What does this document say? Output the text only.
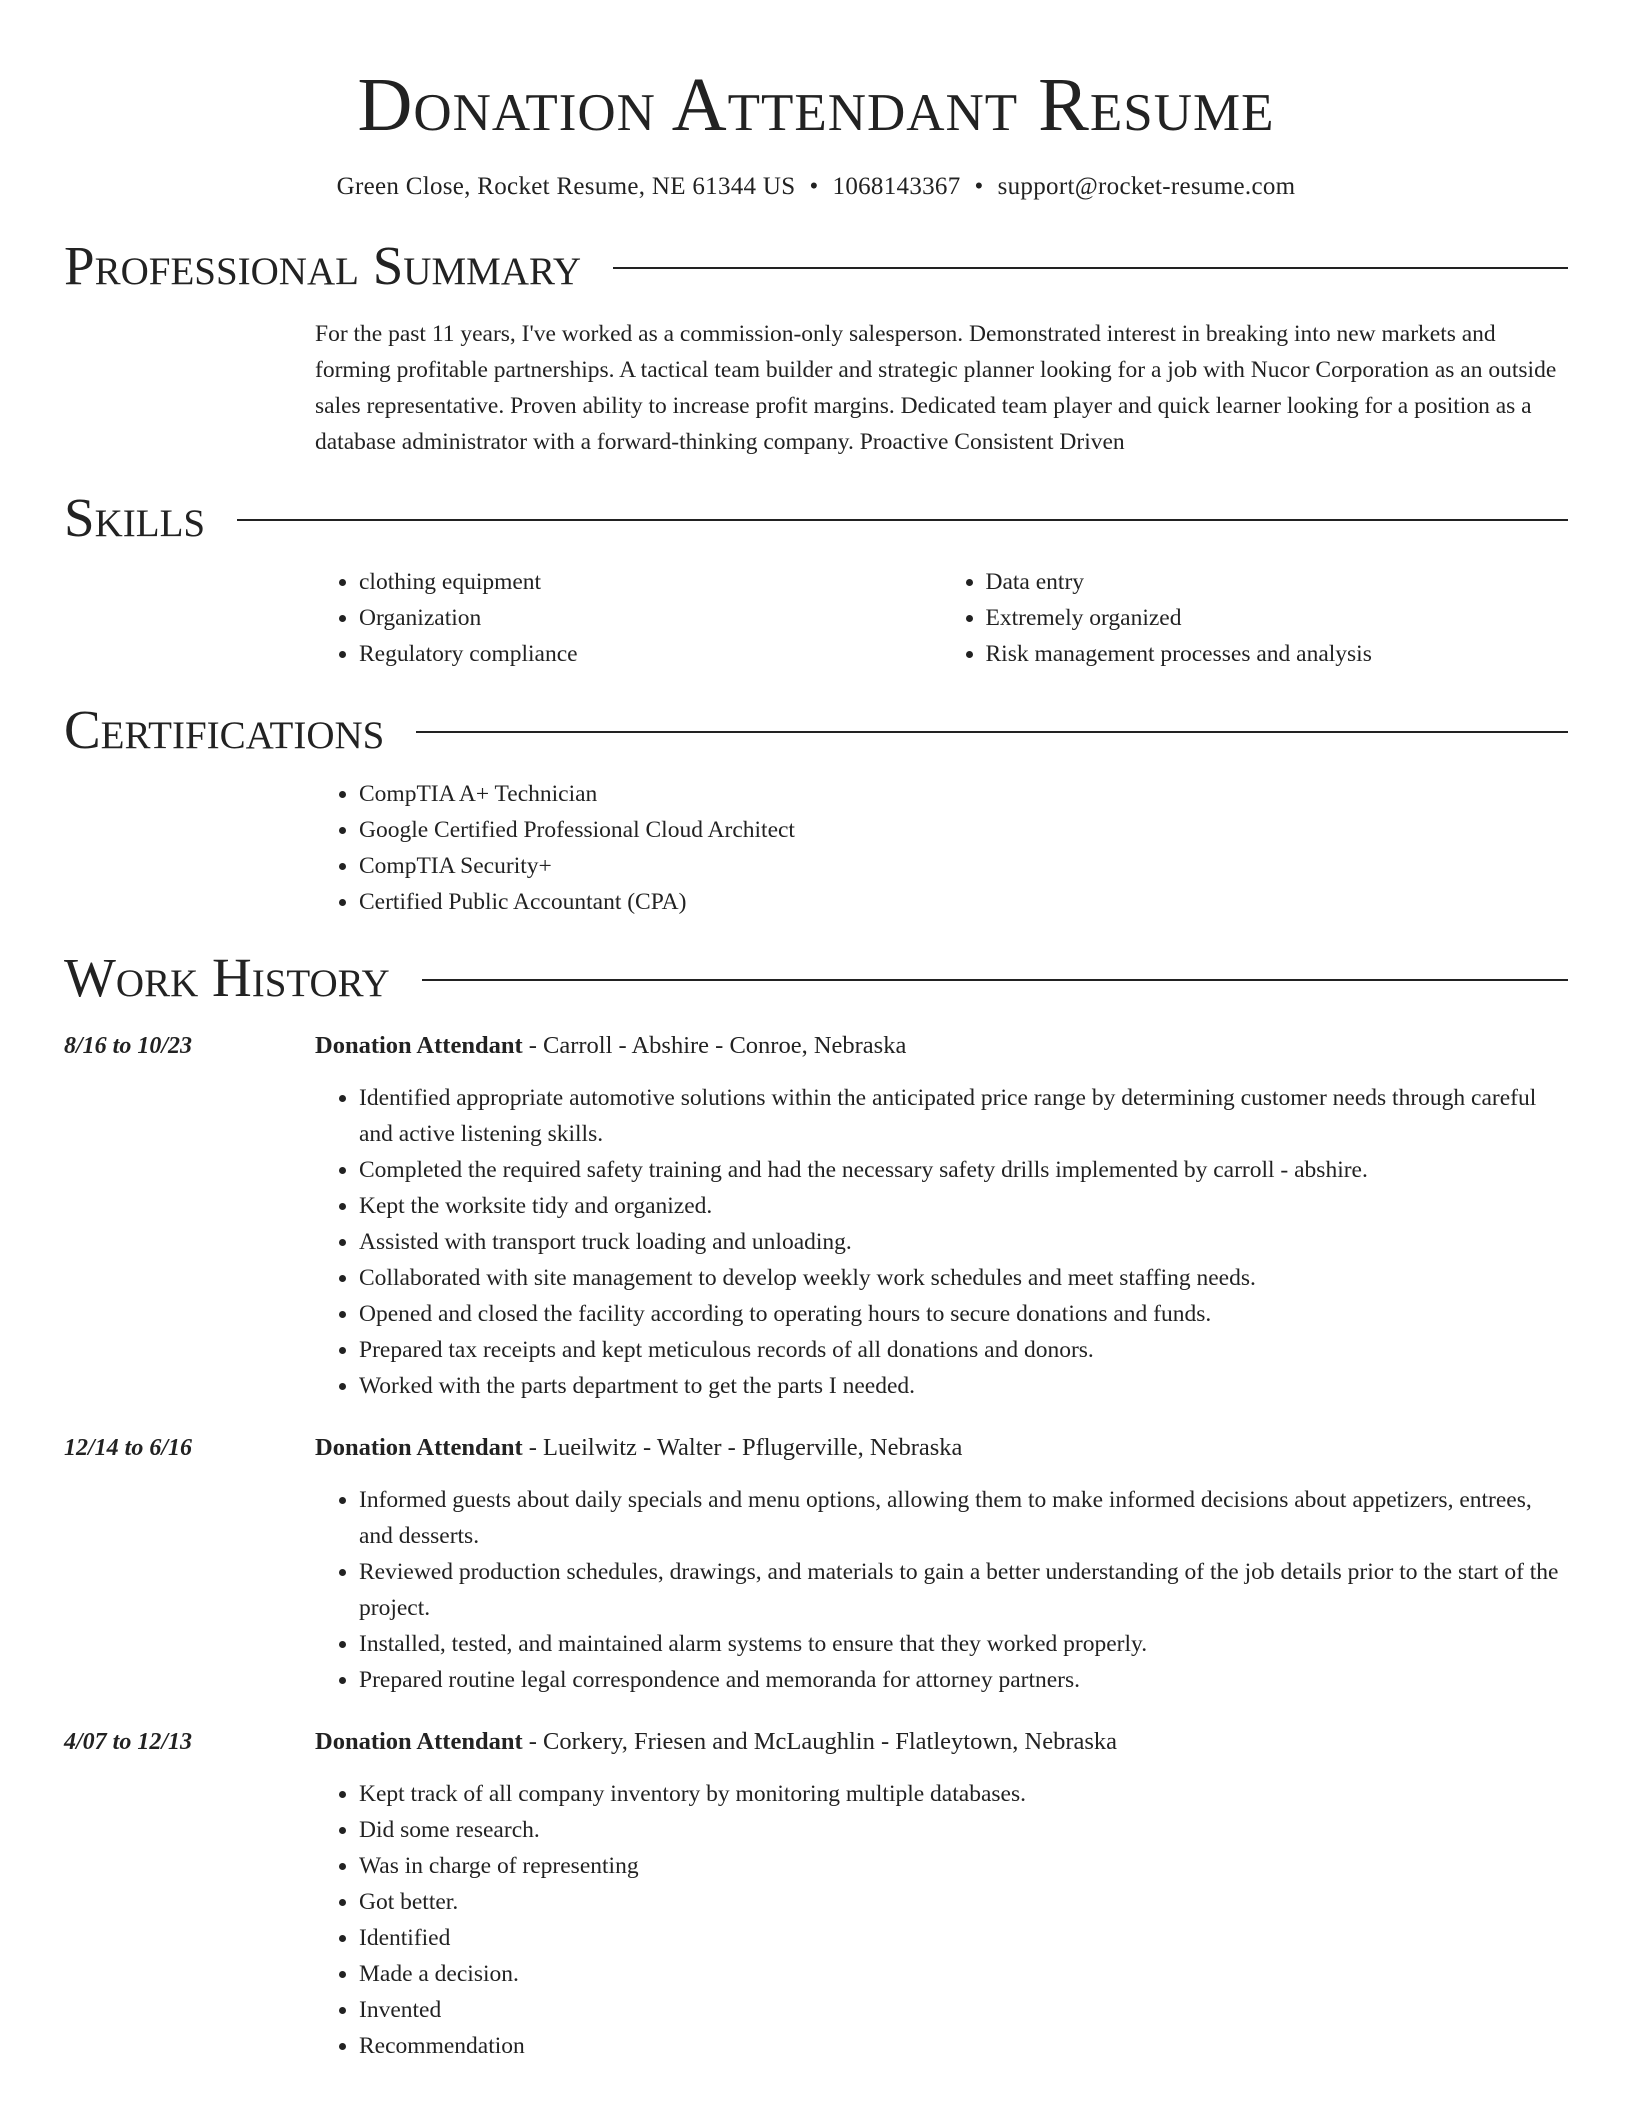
Donation Attendant Resume
Green Close, Rocket Resume, NE 61344 US • 1068143367 • support@rocket-resume.com
Professional Summary
For the past 11 years, I've worked as a commission-only salesperson. Demonstrated interest in breaking into new markets and forming profitable partnerships. A tactical team builder and strategic planner looking for a job with Nucor Corporation as an outside sales representative. Proven ability to increase profit margins. Dedicated team player and quick learner looking for a position as a database administrator with a forward-thinking company. Proactive Consistent Driven
Skills
• clothing equipment
• Organization
• Regulatory compliance
• Data entry
• Extremely organized
• Risk management processes and analysis
Certifications
• CompTIA A+ Technician
• Google Certified Professional Cloud Architect
• CompTIA Security+
• Certified Public Accountant (CPA)
Work History
8/16 to 10/23	Donation Attendant - Carroll - Abshire - Conroe, Nebraska
• Identified appropriate automotive solutions within the anticipated price range by determining customer needs through careful and active listening skills.
• Completed the required safety training and had the necessary safety drills implemented by carroll - abshire.
• Kept the worksite tidy and organized.
• Assisted with transport truck loading and unloading.
• Collaborated with site management to develop weekly work schedules and meet staffing needs.
• Opened and closed the facility according to operating hours to secure donations and funds.
• Prepared tax receipts and kept meticulous records of all donations and donors.
• Worked with the parts department to get the parts I needed.
12/14 to 6/16	Donation Attendant - Lueilwitz - Walter - Pflugerville, Nebraska
• Informed guests about daily specials and menu options, allowing them to make informed decisions about appetizers, entrees, and desserts.
• Reviewed production schedules, drawings, and materials to gain a better understanding of the job details prior to the start of the project.
• Installed, tested, and maintained alarm systems to ensure that they worked properly.
• Prepared routine legal correspondence and memoranda for attorney partners.
4/07 to 12/13	Donation Attendant - Corkery, Friesen and McLaughlin - Flatleytown, Nebraska
• Kept track of all company inventory by monitoring multiple databases.
• Did some research.
• Was in charge of representing
• Got better.
• Identified
• Made a decision.
• Invented
• Recommendation
